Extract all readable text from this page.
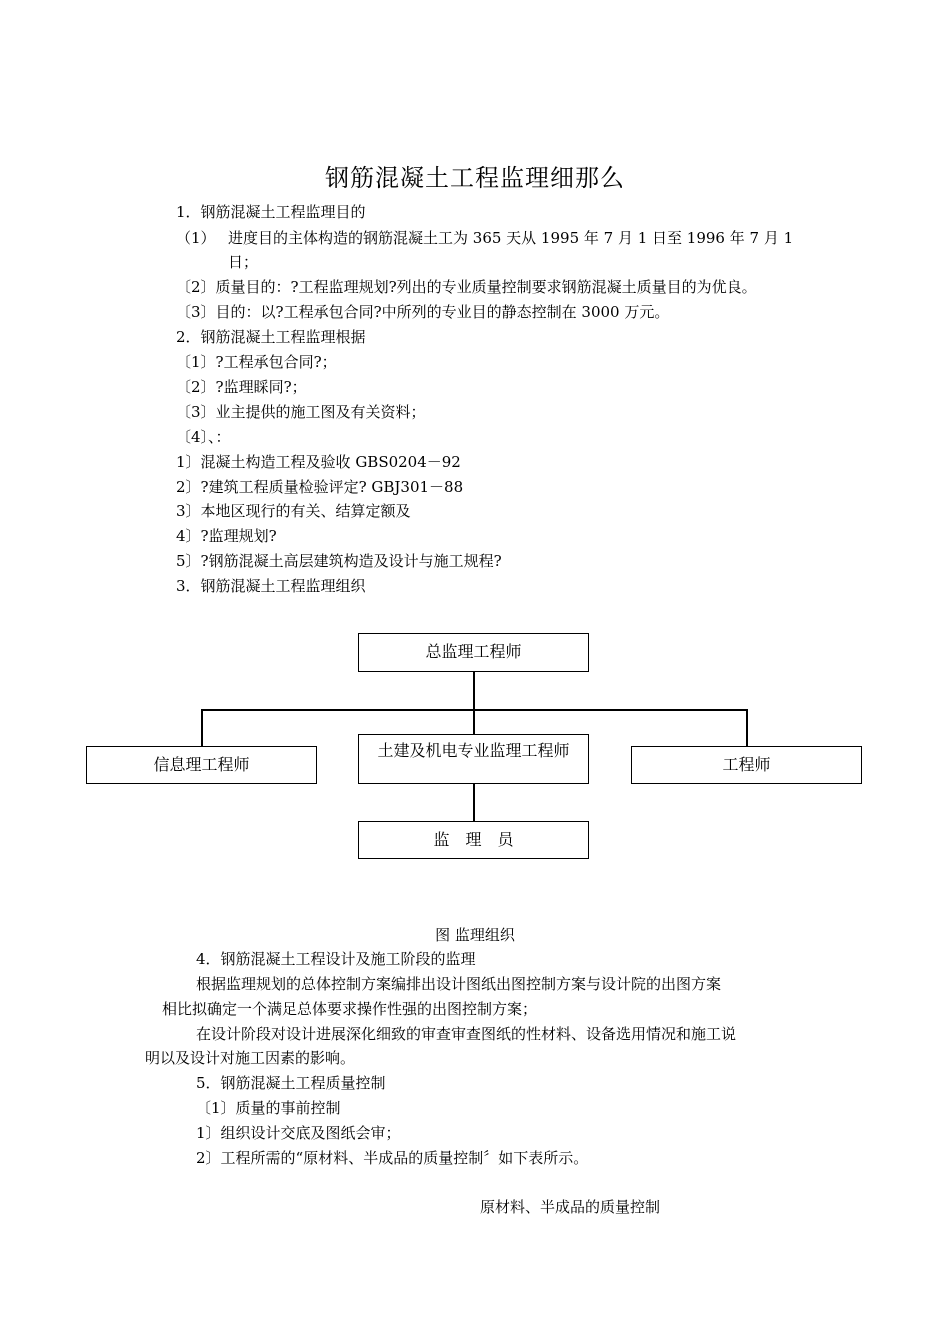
钢筋混凝土工程监理细那么
1．钢筋混凝土工程监理目的
（1） 进度目的主体构造的钢筋混凝土工为 365 天从 1995 年 7 月 1 日至 1996 年 7 月 1
日；
〔2〕质量目的：?工程监理规划?列出的专业质量控制要求钢筋混凝土质量目的为优良。
〔3〕目的：以?工程承包合同?中所列的专业目的静态控制在 3000 万元。
2．钢筋混凝土工程监理根据
〔1〕?工程承包合同?；
〔2〕?监理睬同?；
〔3〕业主提供的施工图及有关资料；
〔4〕、：
1〕混凝土构造工程及验收 GBS0204－92
2〕?建筑工程质量检验评定? GBJ301－88
3〕本地区现行的有关、结算定额及
4〕?监理规划?
5〕?钢筋混凝土高层建筑构造及设计与施工规程?
3．钢筋混凝土工程监理组织
总监理工程师
信息理工程师
土建及机电专业监理工程师
工程师
监　理　员
图 监理组织
4．钢筋混凝土工程设计及施工阶段的监理
根据监理规划的总体控制方案编排出设计图纸出图控制方案与设计院的出图方案
相比拟确定一个满足总体要求操作性强的出图控制方案；
在设计阶段对设计进展深化细致的审查审查图纸的性材料、设备选用情况和施工说
明以及设计对施工因素的影响。
5．钢筋混凝土工程质量控制
〔1〕质量的事前控制
1〕组织设计交底及图纸会审；
2〕工程所需的“原材料、半成品的质量控制〞如下表所示。
原材料、半成品的质量控制
